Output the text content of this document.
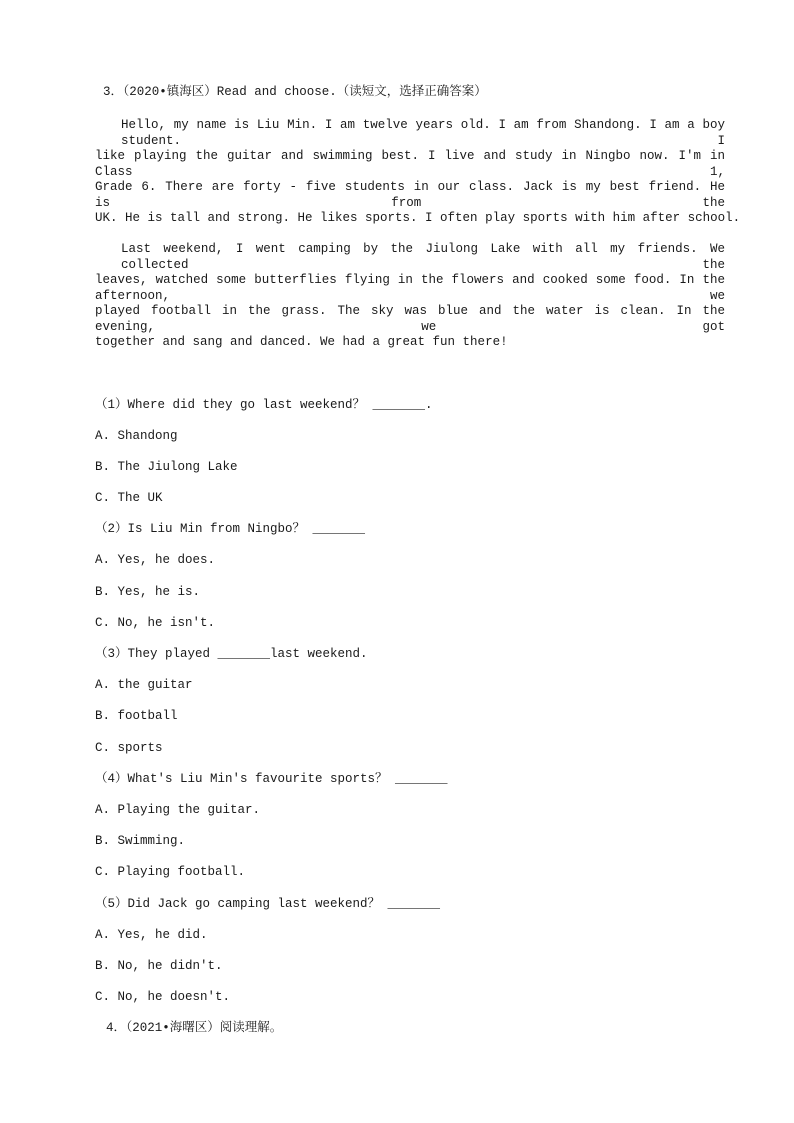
3．（2020•镇海区）Read and choose.（读短文，选择正确答案）
Hello, my name is Liu Min. I am twelve years old. I am from Shandong. I am a boy student. I
like playing the guitar and swimming best. I live and study in Ningbo now. I'm in Class 1,
Grade 6. There are forty - five students in our class. Jack is my best friend. He is from the
UK. He is tall and strong. He likes sports. I often play sports with him after school.
Last weekend, I went camping by the Jiulong Lake with all my friends. We collected the
leaves, watched some butterflies flying in the flowers and cooked some food. In the afternoon, we
played football in the grass. The sky was blue and the water is clean. In the evening, we got
together and sang and danced. We had a great fun there!
（1）Where did they go last weekend？ _______.
A. Shandong
B. The Jiulong Lake
C. The UK
（2）Is Liu Min from Ningbo？ _______
A. Yes, he does.
B. Yes, he is.
C. No, he isn't.
（3）They played _______last weekend.
A. the guitar
B. football
C. sports
（4）What's Liu Min's favourite sports？ _______
A. Playing the guitar.
B. Swimming.
C. Playing football.
（5）Did Jack go camping last weekend？ _______
A. Yes, he did.
B. No, he didn't.
C. No, he doesn't.
4．（2021•海曙区）阅读理解。
